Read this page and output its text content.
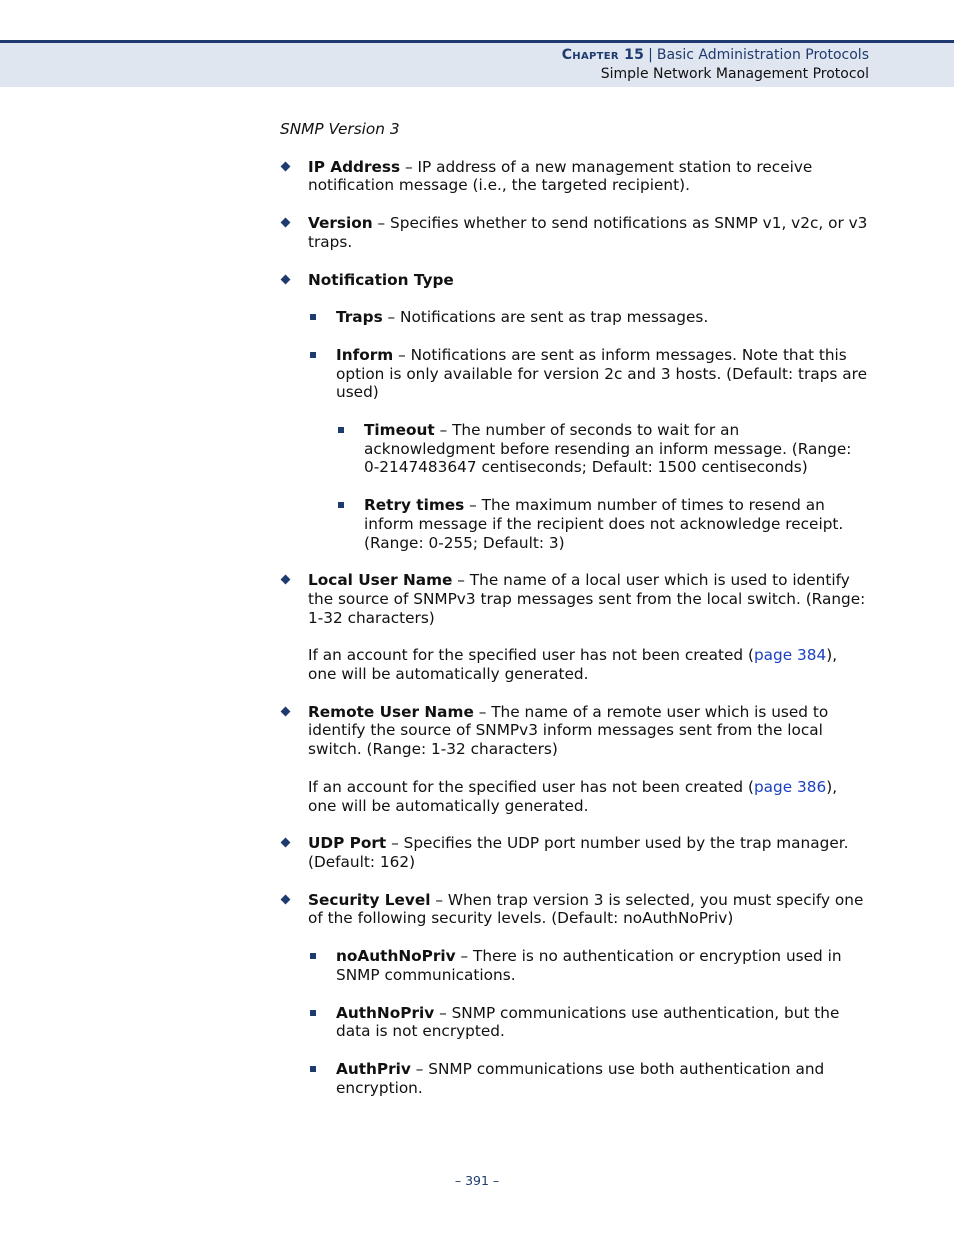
Chapter 15 | Basic Administration Protocols
Simple Network Management Protocol
SNMP Version 3
IP Address – IP address of a new management station to receive notification message (i.e., the targeted recipient).
Version – Specifies whether to send notifications as SNMP v1, v2c, or v3 traps.
Notification Type
Traps – Notifications are sent as trap messages.
Inform – Notifications are sent as inform messages. Note that this option is only available for version 2c and 3 hosts. (Default: traps are used)
Timeout – The number of seconds to wait for an acknowledgment before resending an inform message. (Range: 0-2147483647 centiseconds; Default: 1500 centiseconds)
Retry times – The maximum number of times to resend an inform message if the recipient does not acknowledge receipt. (Range: 0-255; Default: 3)
Local User Name – The name of a local user which is used to identify the source of SNMPv3 trap messages sent from the local switch. (Range: 1-32 characters)
If an account for the specified user has not been created (page 384), one will be automatically generated.
Remote User Name – The name of a remote user which is used to identify the source of SNMPv3 inform messages sent from the local switch. (Range: 1-32 characters)
If an account for the specified user has not been created (page 386), one will be automatically generated.
UDP Port – Specifies the UDP port number used by the trap manager. (Default: 162)
Security Level – When trap version 3 is selected, you must specify one of the following security levels. (Default: noAuthNoPriv)
noAuthNoPriv – There is no authentication or encryption used in SNMP communications.
AuthNoPriv – SNMP communications use authentication, but the data is not encrypted.
AuthPriv – SNMP communications use both authentication and encryption.
– 391 –
